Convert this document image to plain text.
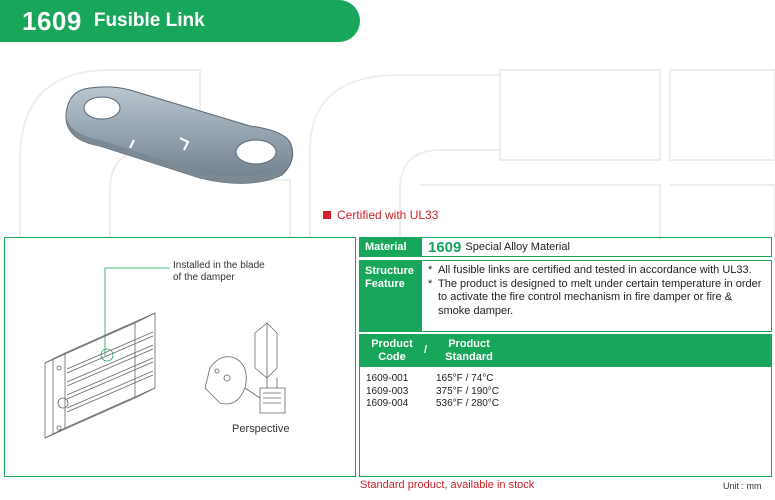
1609 Fusible Link
Certified with UL33
Installed in the blade
of the damper
Perspective
Material	1609 Special Alloy Material
Structure
Feature
* All fusible links are certified and tested in accordance with UL33.
* The product is designed to melt under certain temperature in order to activate the fire control mechanism in fire damper or fire & smoke damper.
Product
Code
/	Product
Standard
1609-001	165°F / 74°C
1609-003	375°F / 190°C
1609-004	536°F / 280°C
Standard product, available in stock	Unit : mm
